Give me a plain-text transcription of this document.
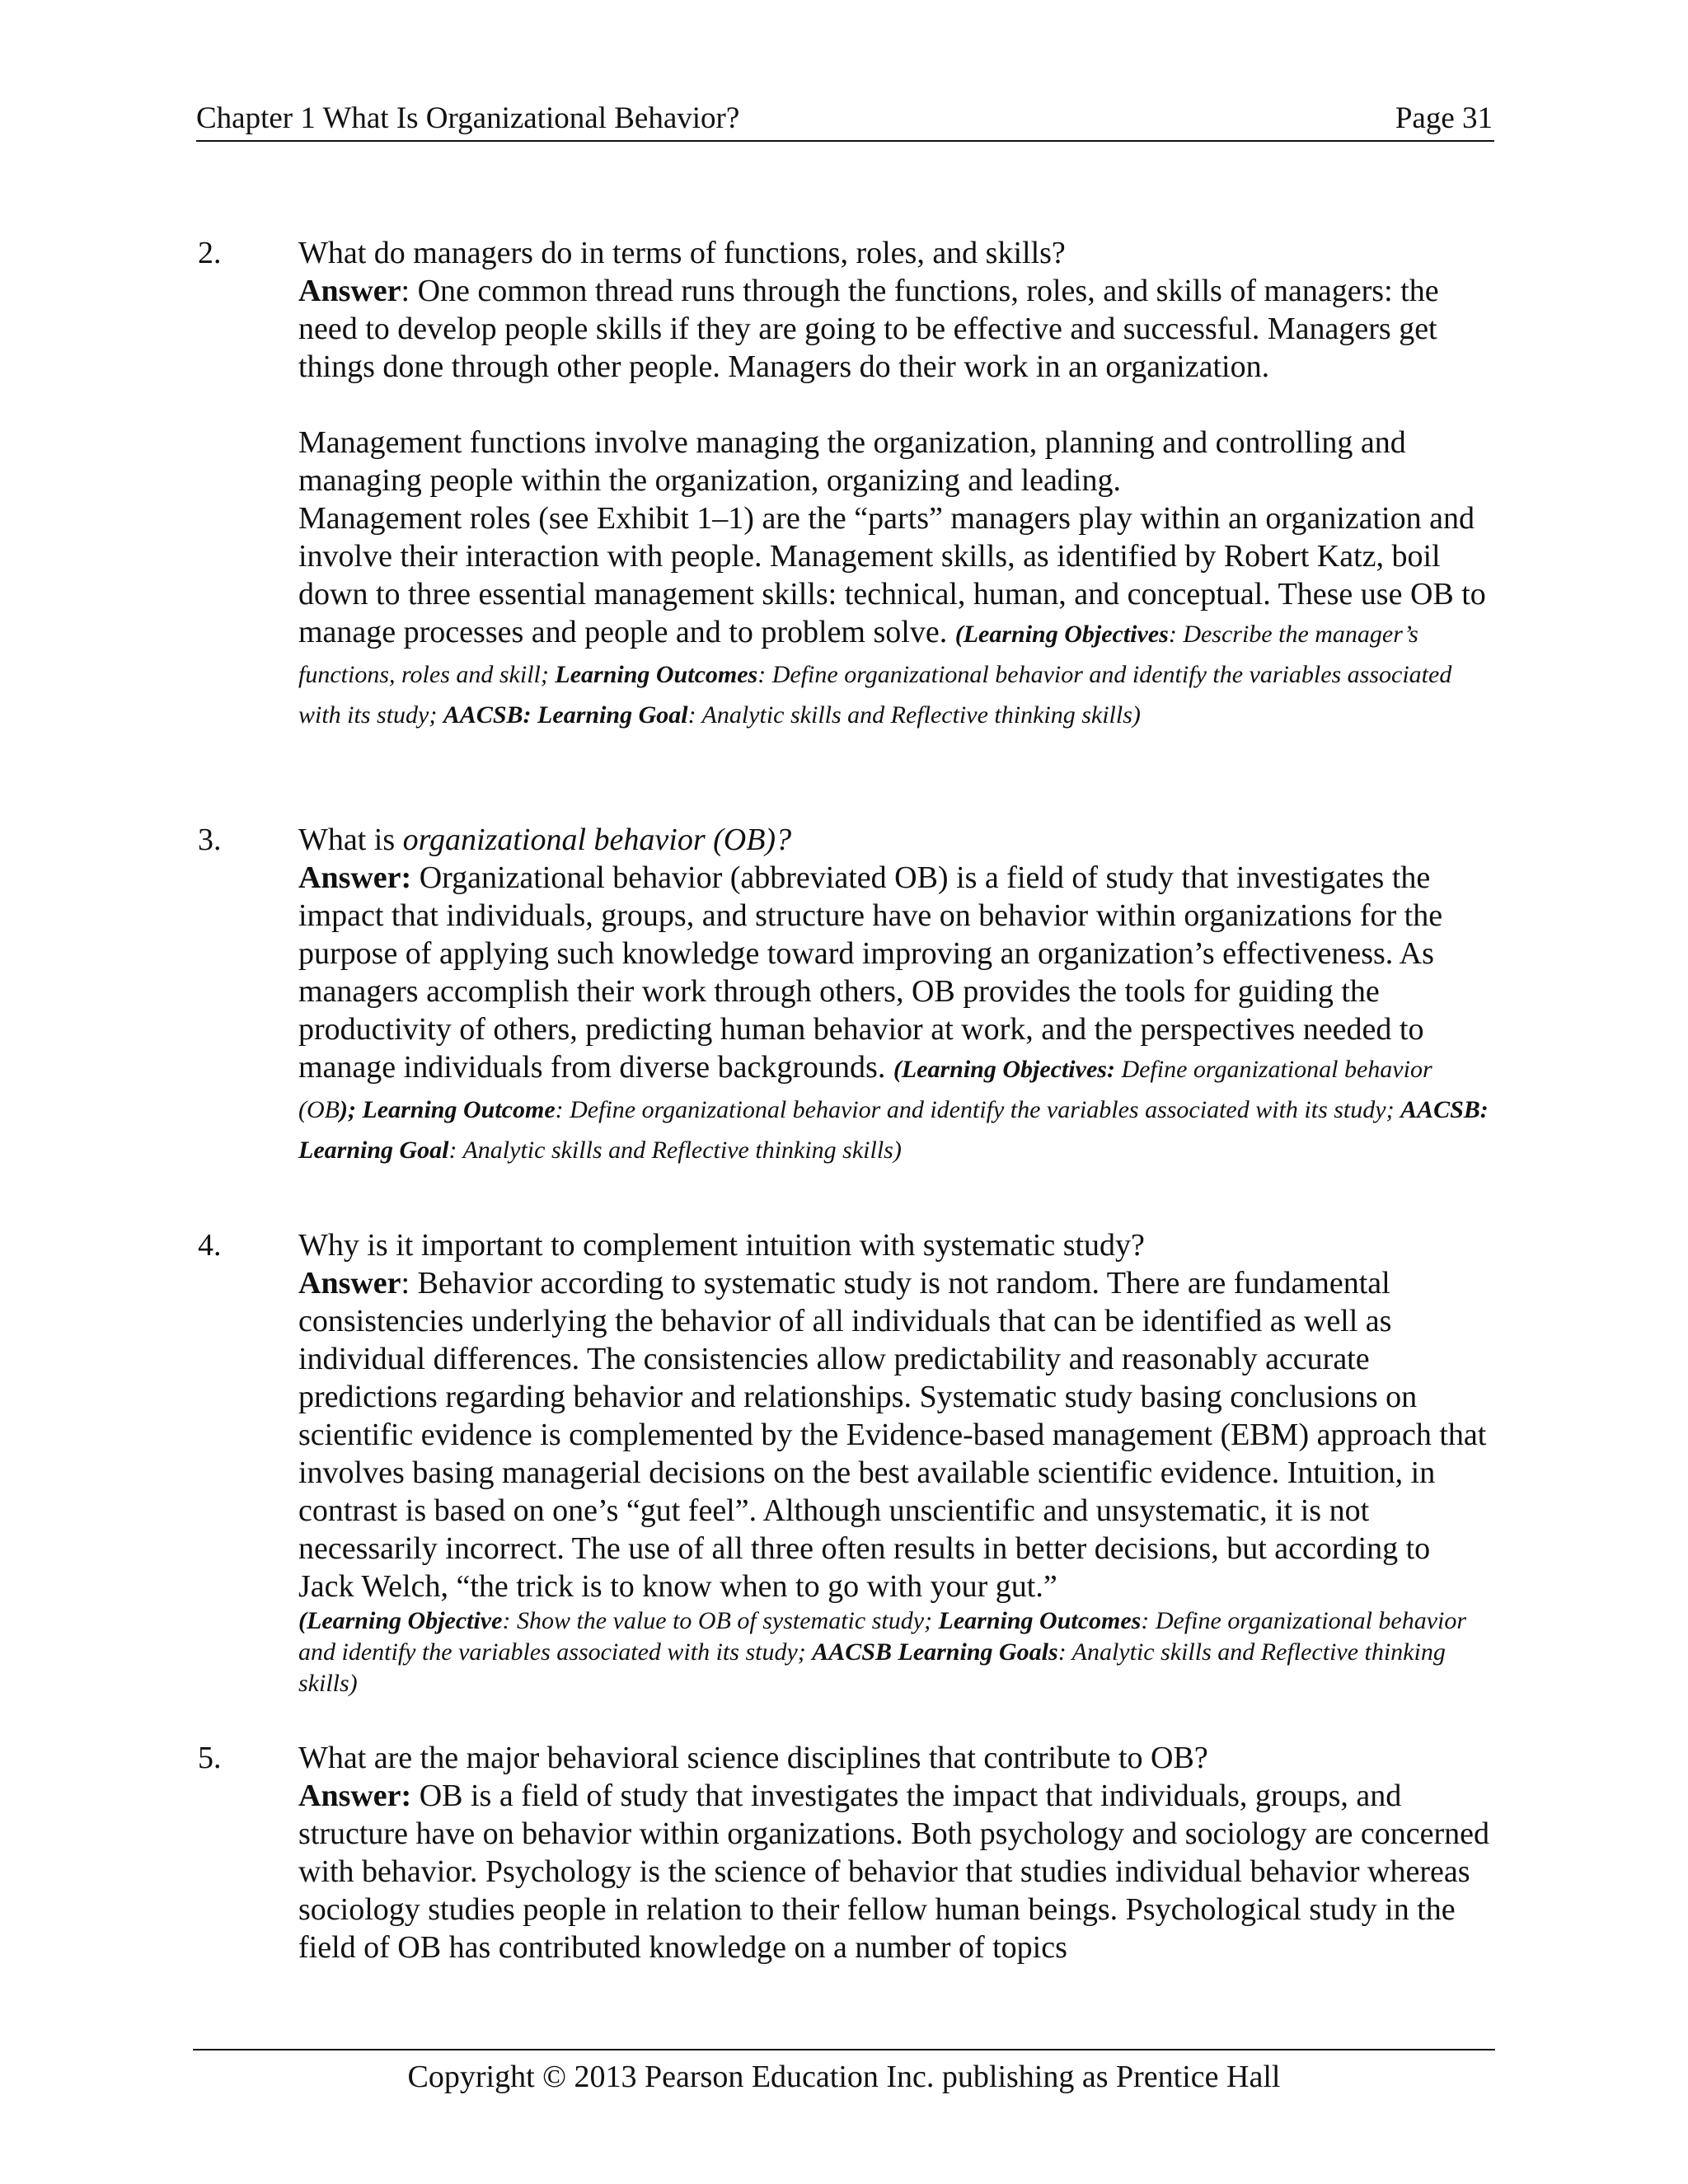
Chapter 1 What Is Organizational Behavior?	Page 31
2. What do managers do in terms of functions, roles, and skills?

Answer: One common thread runs through the functions, roles, and skills of managers: the need to develop people skills if they are going to be effective and successful. Managers get things done through other people. Managers do their work in an organization.

Management functions involve managing the organization, planning and controlling and managing people within the organization, organizing and leading.

Management roles (see Exhibit 1–1) are the “parts” managers play within an organization and involve their interaction with people. Management skills, as identified by Robert Katz, boil down to three essential management skills: technical, human, and conceptual. These use OB to manage processes and people and to problem solve. (Learning Objectives: Describe the manager’s functions, roles and skill; Learning Outcomes: Define organizational behavior and identify the variables associated with its study; AACSB: Learning Goal: Analytic skills and Reflective thinking skills)

3. What is organizational behavior (OB)?

Answer: Organizational behavior (abbreviated OB) is a field of study that investigates the impact that individuals, groups, and structure have on behavior within organizations for the purpose of applying such knowledge toward improving an organization’s effectiveness. As managers accomplish their work through others, OB provides the tools for guiding the productivity of others, predicting human behavior at work, and the perspectives needed to manage individuals from diverse backgrounds. (Learning Objectives: Define organizational behavior (OB); Learning Outcome: Define organizational behavior and identify the variables associated with its study; AACSB: Learning Goal: Analytic skills and Reflective thinking skills)

4. Why is it important to complement intuition with systematic study?

Answer: Behavior according to systematic study is not random. There are fundamental consistencies underlying the behavior of all individuals that can be identified as well as individual differences. The consistencies allow predictability and reasonably accurate predictions regarding behavior and relationships. Systematic study basing conclusions on scientific evidence is complemented by the Evidence-based management (EBM) approach that involves basing managerial decisions on the best available scientific evidence. Intuition, in contrast is based on one’s “gut feel”. Although unscientific and unsystematic, it is not necessarily incorrect. The use of all three often results in better decisions, but according to Jack Welch, “the trick is to know when to go with your gut.”

(Learning Objective: Show the value to OB of systematic study; Learning Outcomes: Define organizational behavior and identify the variables associated with its study; AACSB Learning Goals: Analytic skills and Reflective thinking skills)

5. What are the major behavioral science disciplines that contribute to OB?

Answer: OB is a field of study that investigates the impact that individuals, groups, and structure have on behavior within organizations. Both psychology and sociology are concerned with behavior. Psychology is the science of behavior that studies individual behavior whereas sociology studies people in relation to their fellow human beings. Psychological study in the field of OB has contributed knowledge on a number of topics

Copyright © 2013 Pearson Education Inc. publishing as Prentice Hall
